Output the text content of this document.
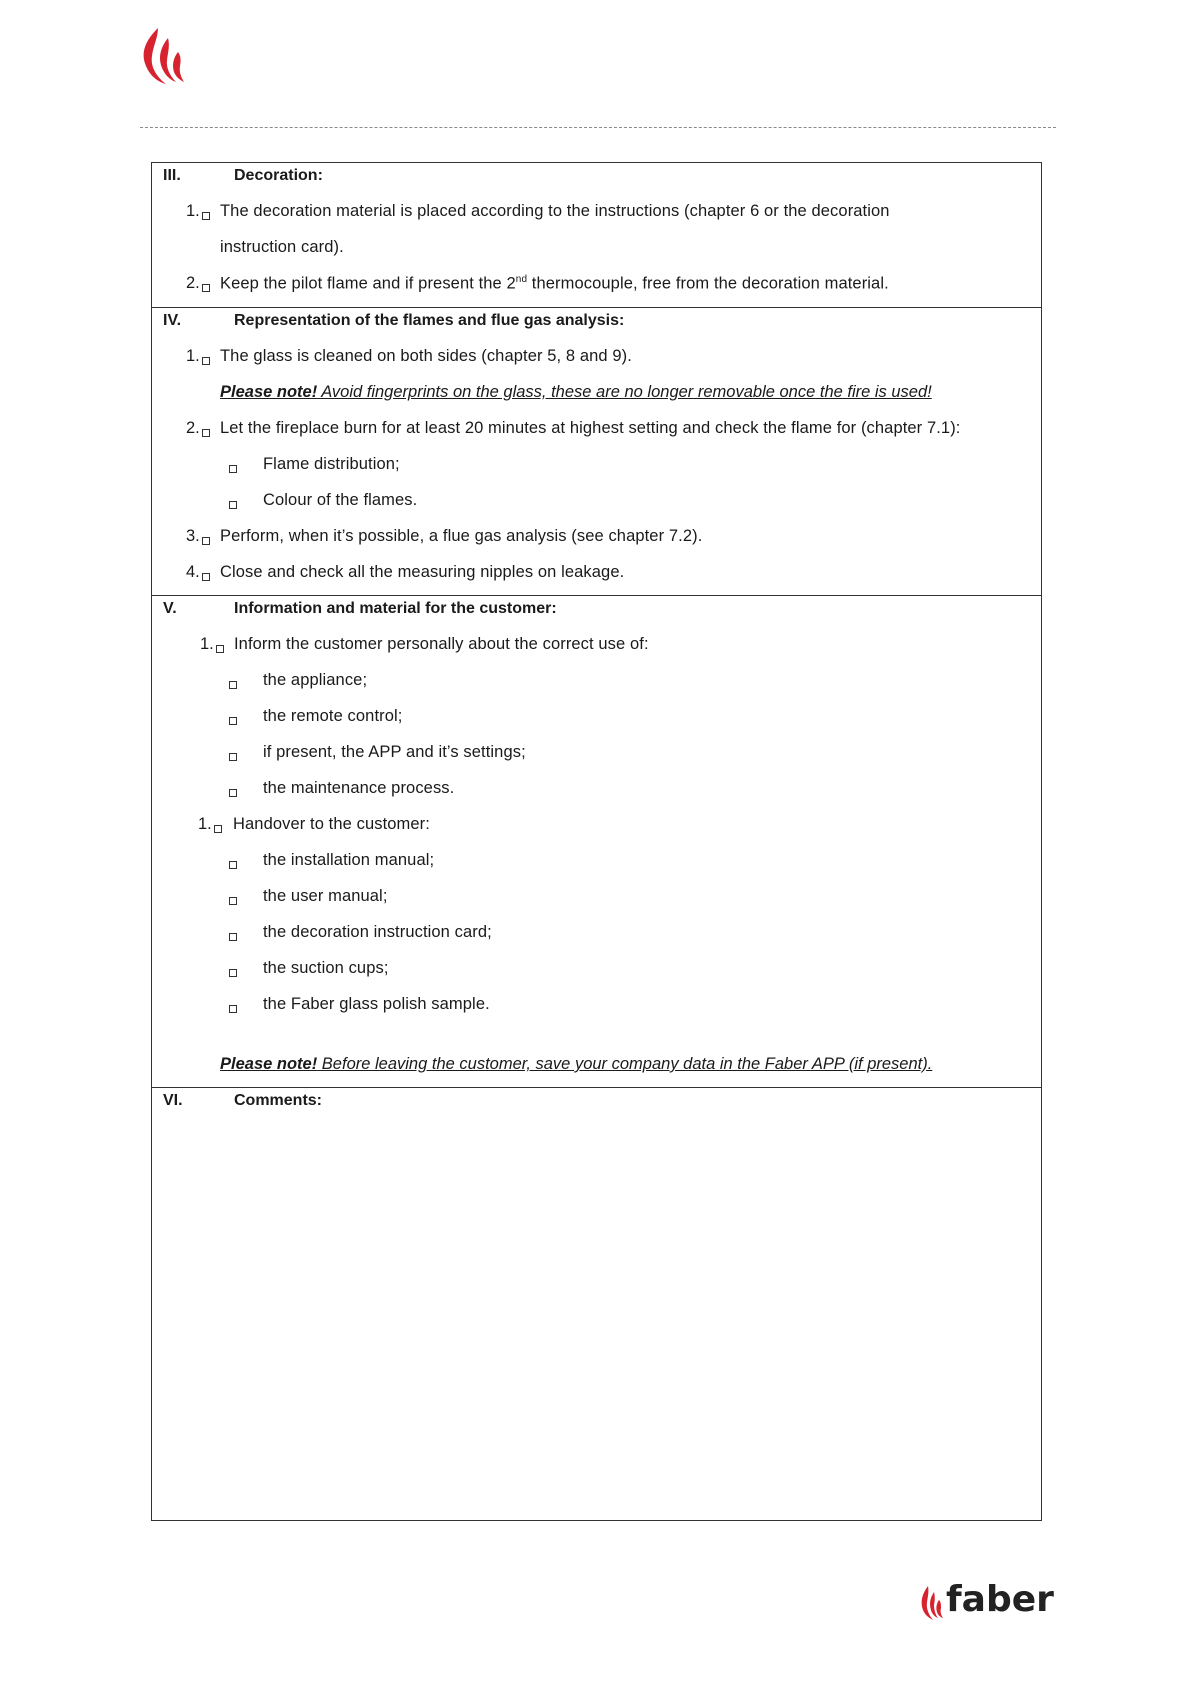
III.	Decoration:
1. The decoration material is placed according to the instructions (chapter 6 or the decoration
instruction card).
2. Keep the pilot flame and if present the 2nd thermocouple, free from the decoration material.
IV.	Representation of the flames and flue gas analysis:
1. The glass is cleaned on both sides (chapter 5, 8 and 9).
Please note! Avoid fingerprints on the glass, these are no longer removable once the fire is used!
2. Let the fireplace burn for at least 20 minutes at highest setting and check the flame for (chapter 7.1):
Flame distribution;
Colour of the flames.
3. Perform, when it’s possible, a flue gas analysis (see chapter 7.2).
4. Close and check all the measuring nipples on leakage.
V.	Information and material for the customer:
1. Inform the customer personally about the correct use of:
the appliance;
the remote control;
if present, the APP and it’s settings;
the maintenance process.
1. Handover to the customer:
the installation manual;
the user manual;
the decoration instruction card;
the suction cups;
the Faber glass polish sample.
Please note! Before leaving the customer, save your company data in the Faber APP (if present).
VI.	Comments:
faber
